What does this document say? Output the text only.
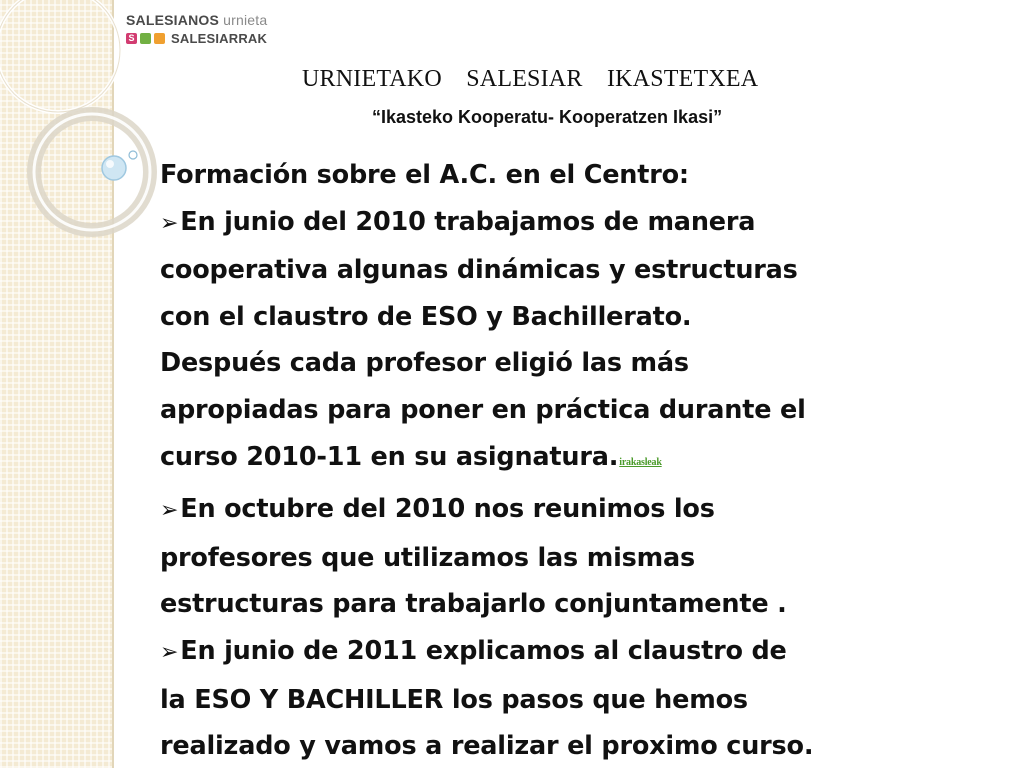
SALESIANOS urnieta
S	SALESIARRAK
URNIETAKO  SALESIAR  IKASTETXEA
“Ikasteko Kooperatu- Kooperatzen Ikasi”

Formación sobre el A.C. en el Centro:

➢En junio del 2010 trabajamos de manera

cooperativa algunas dinámicas y estructuras

con el claustro de ESO y Bachillerato.

Después cada profesor eligió las más

apropiadas para poner en práctica durante el

curso 2010-11 en su asignatura.irakasleak

➢En octubre del 2010 nos reunimos los

profesores que utilizamos las mismas

estructuras para trabajarlo conjuntamente .

➢En junio de 2011 explicamos al claustro de

la ESO Y BACHILLER los pasos que hemos

realizado y vamos a realizar el proximo curso.
